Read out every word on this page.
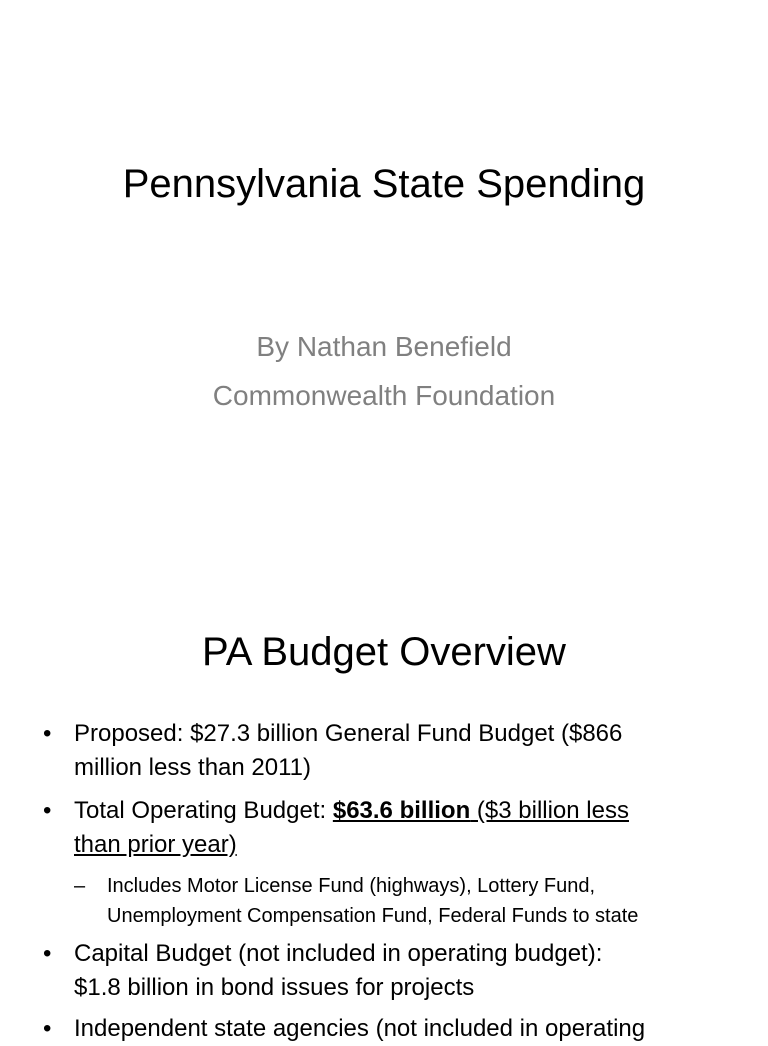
Pennsylvania State Spending
By Nathan Benefield
Commonwealth Foundation
PA Budget Overview
• Proposed: $27.3 billion General Fund Budget ($866
million less than 2011)
• Total Operating Budget: $63.6 billion ($3 billion less
than prior year)
– Includes Motor License Fund (highways), Lottery Fund,
Unemployment Compensation Fund, Federal Funds to state
• Capital Budget (not included in operating budget):
$1.8 billion in bond issues for projects
• Independent state agencies (not included in operating
